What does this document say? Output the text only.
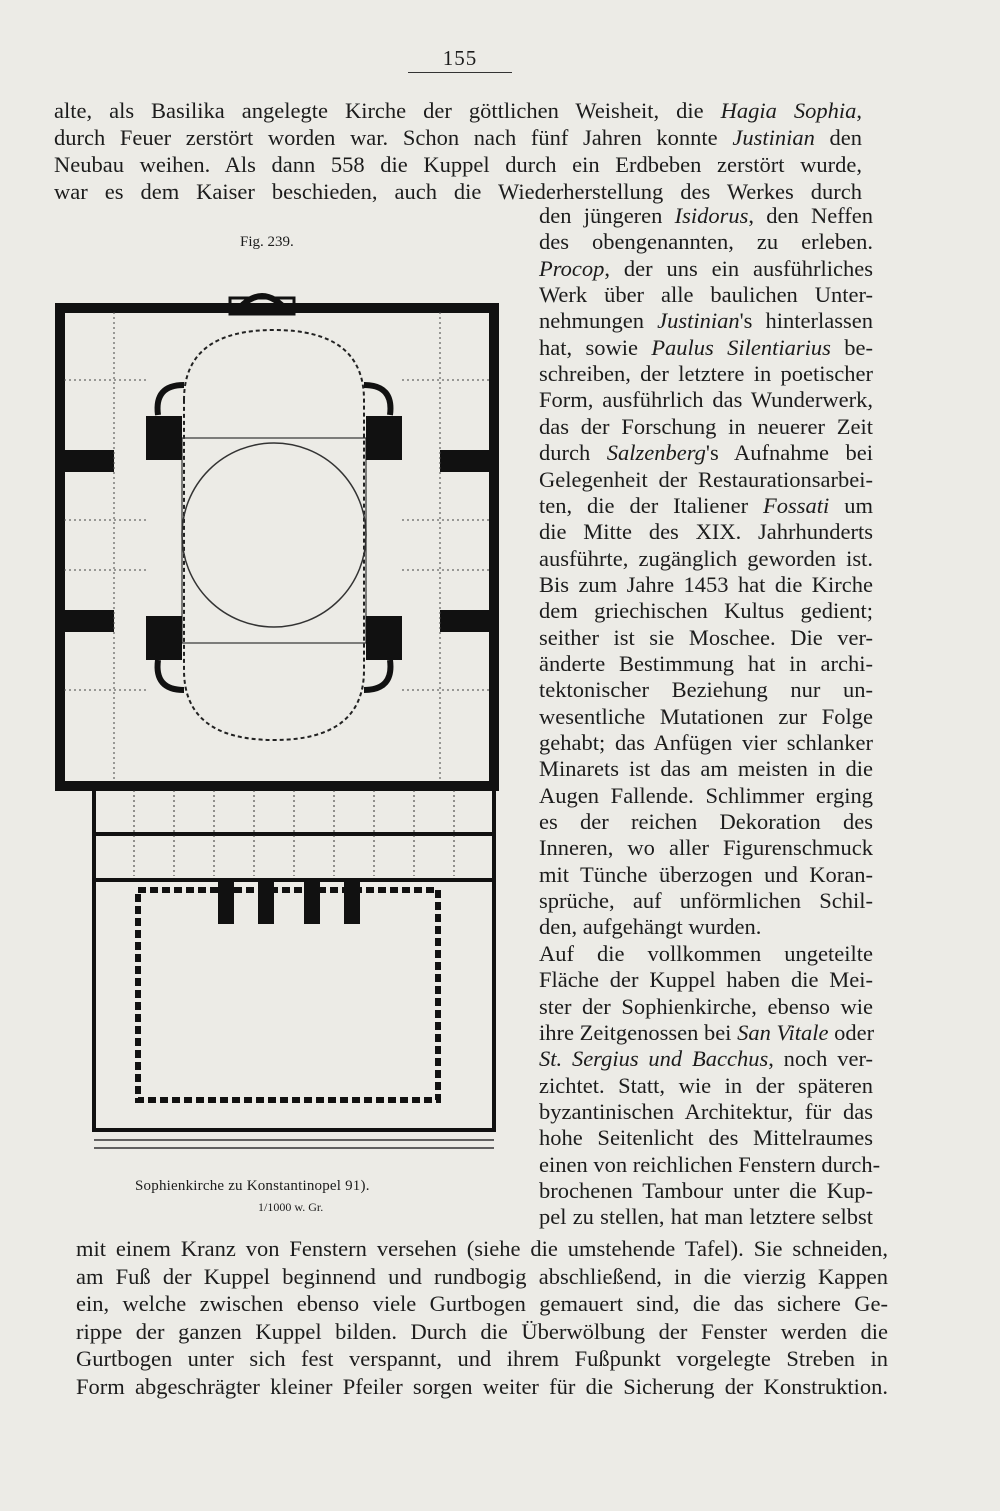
155
alte, als Basilika angelegte Kirche der göttlichen Weisheit, die Hagia Sophia,
durch Feuer zerstört worden war. Schon nach fünf Jahren konnte Justinian den
Neubau weihen. Als dann 558 die Kuppel durch ein Erdbeben zerstört wurde,
war es dem Kaiser beschieden, auch die Wiederherstellung des Werkes durch
den jüngeren Isidorus, den Neffen
des obengenannten, zu erleben.
Procop, der uns ein ausführliches
Werk über alle baulichen Unter-
nehmungen Justinian's hinterlassen
hat, sowie Paulus Silentiarius be-
schreiben, der letztere in poetischer
Form, ausführlich das Wunderwerk,
das der Forschung in neuerer Zeit
durch Salzenberg's Aufnahme bei
Gelegenheit der Restaurationsarbei-
ten, die der Italiener Fossati um
die Mitte des XIX. Jahrhunderts
ausführte, zugänglich geworden ist.
Bis zum Jahre 1453 hat die Kirche
dem griechischen Kultus gedient;
seither ist sie Moschee. Die ver-
änderte Bestimmung hat in archi-
tektonischer Beziehung nur un-
wesentliche Mutationen zur Folge
gehabt; das Anfügen vier schlanker
Minarets ist das am meisten in die
Augen Fallende. Schlimmer erging
es der reichen Dekoration des
Inneren, wo aller Figurenschmuck
mit Tünche überzogen und Koran-
sprüche, auf unförmlichen Schil-
den, aufgehängt wurden.
Auf die vollkommen ungeteilte
Fläche der Kuppel haben die Mei-
ster der Sophienkirche, ebenso wie
ihre Zeitgenossen bei San Vitale oder
St. Sergius und Bacchus, noch ver-
zichtet. Statt, wie in der späteren
byzantinischen Architektur, für das
hohe Seitenlicht des Mittelraumes
einen von reichlichen Fenstern durch-
brochenen Tambour unter die Kup-
pel zu stellen, hat man letztere selbst
mit einem Kranz von Fenstern versehen (siehe die umstehende Tafel). Sie schneiden,
am Fuß der Kuppel beginnend und rundbogig abschließend, in die vierzig Kappen
ein, welche zwischen ebenso viele Gurtbogen gemauert sind, die das sichere Ge-
rippe der ganzen Kuppel bilden. Durch die Überwölbung der Fenster werden die
Gurtbogen unter sich fest verspannt, und ihrem Fußpunkt vorgelegte Streben in
Form abgeschrägter kleiner Pfeiler sorgen weiter für die Sicherung der Konstruktion.
Fig. 239.
Sophienkirche zu Konstantinopel 91).
1/1000 w. Gr.
